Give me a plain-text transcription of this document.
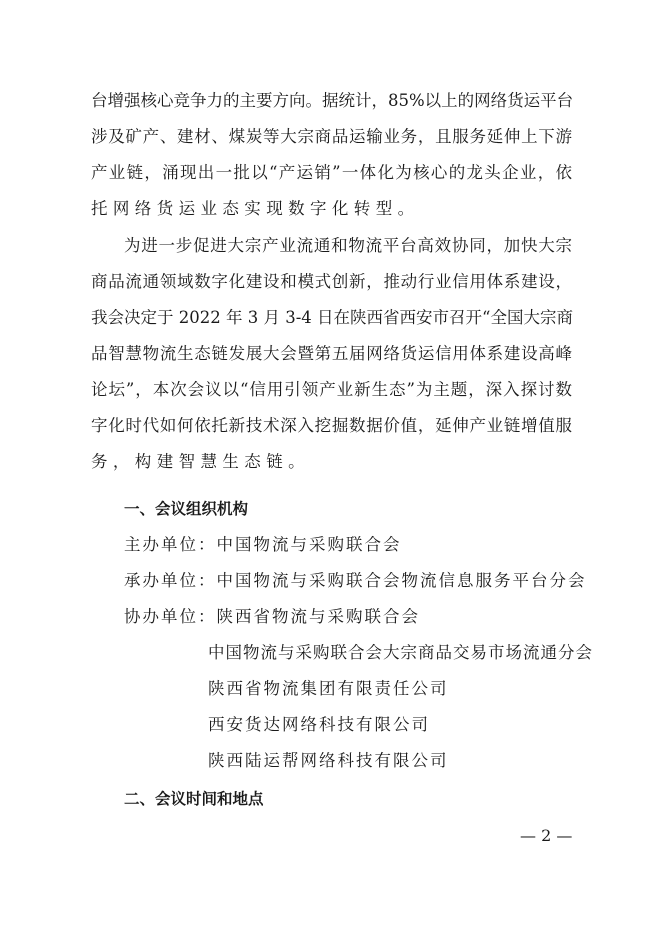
台增强核心竞争力的主要方向。据统计，85%以上的网络货运平台
涉及矿产、建材、煤炭等大宗商品运输业务，且服务延伸上下游
产业链，涌现出一批以“产运销”一体化为核心的龙头企业，依
托网络货运业态实现数字化转型。
为进一步促进大宗产业流通和物流平台高效协同，加快大宗
商品流通领域数字化建设和模式创新，推动行业信用体系建设，
我会决定于 2022 年 3 月 3-4 日在陕西省西安市召开“全国大宗商
品智慧物流生态链发展大会暨第五届网络货运信用体系建设高峰
论坛”，本次会议以“信用引领产业新生态”为主题，深入探讨数
字化时代如何依托新技术深入挖掘数据价值，延伸产业链增值服
务，构建智慧生态链。
一、会议组织机构
主办单位：中国物流与采购联合会
承办单位：中国物流与采购联合会物流信息服务平台分会
协办单位：陕西省物流与采购联合会
中国物流与采购联合会大宗商品交易市场流通分会
陕西省物流集团有限责任公司
西安货达网络科技有限公司
陕西陆运帮网络科技有限公司
二、会议时间和地点
— 2 —
